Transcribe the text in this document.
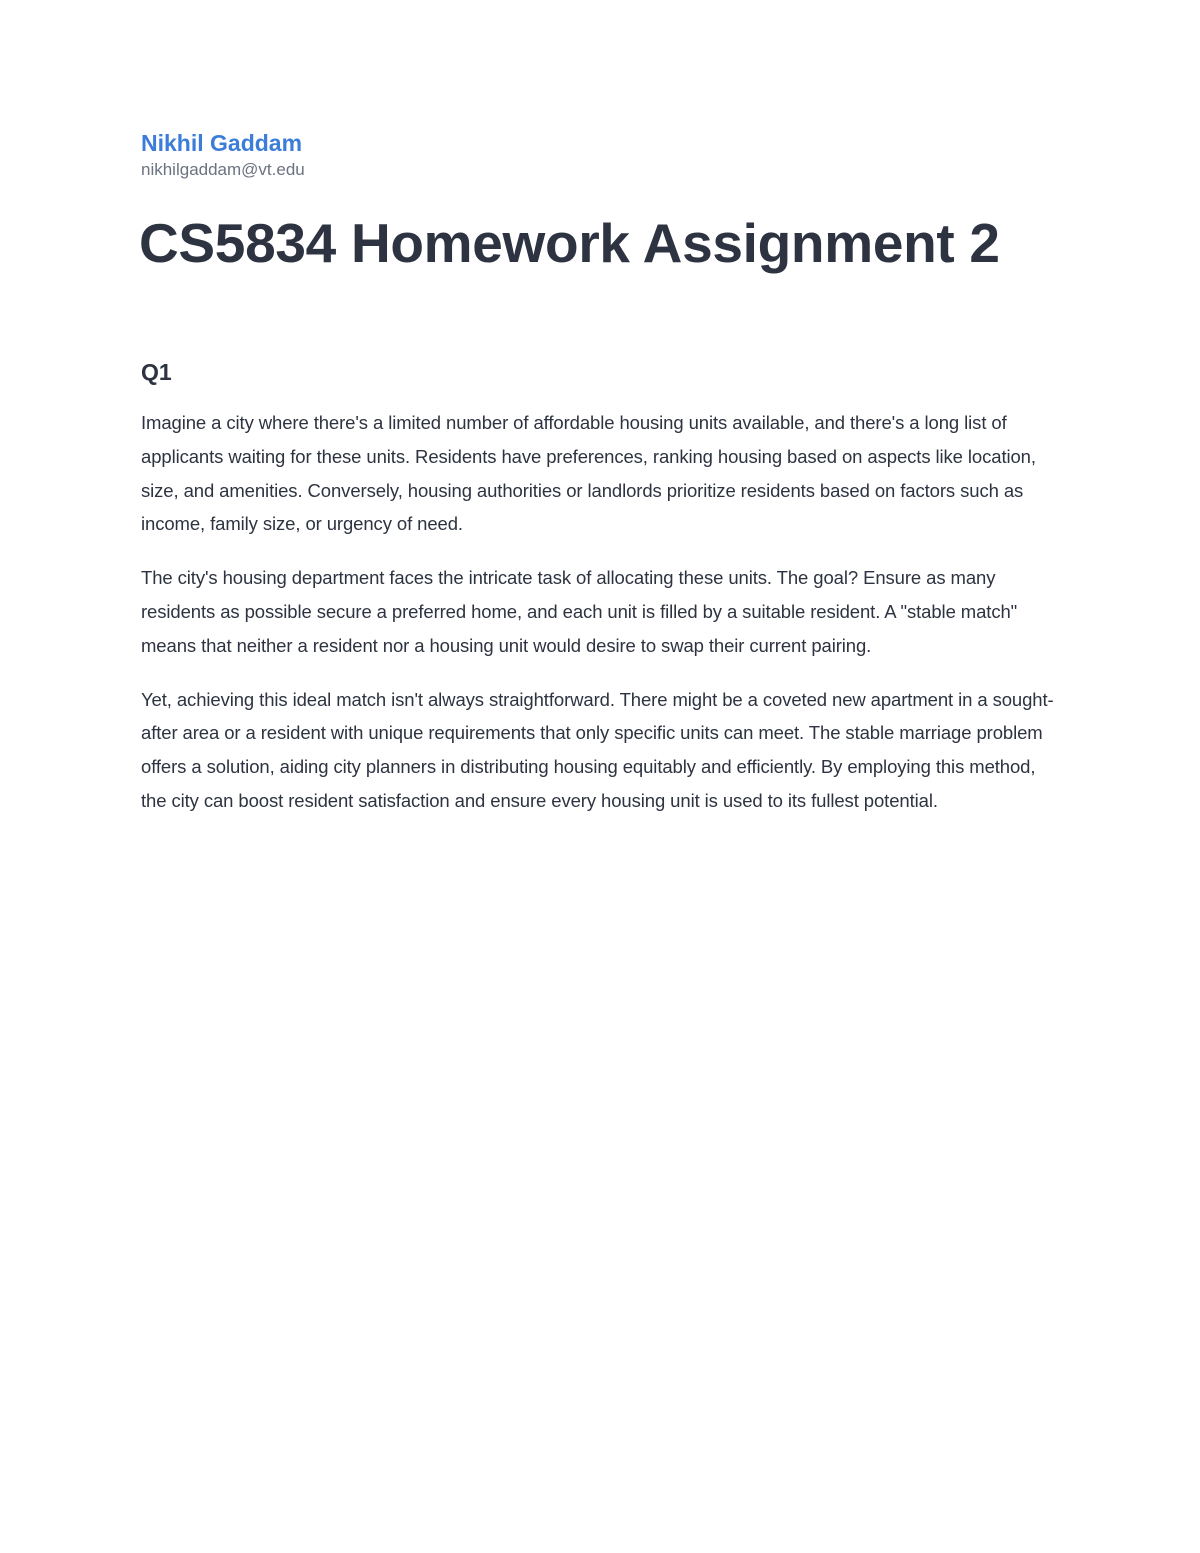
Nikhil Gaddam

nikhilgaddam@vt.edu

CS5834 Homework Assignment 2
Q1

Imagine a city where there's a limited number of affordable housing units available, and there's a long list of applicants waiting for these units. Residents have preferences, ranking housing based on aspects like location, size, and amenities. Conversely, housing authorities or landlords prioritize residents based on factors such as income, family size, or urgency of need.

The city's housing department faces the intricate task of allocating these units. The goal? Ensure as many residents as possible secure a preferred home, and each unit is filled by a suitable resident. A "stable match" means that neither a resident nor a housing unit would desire to swap their current pairing.

Yet, achieving this ideal match isn't always straightforward. There might be a coveted new apartment in a sought-after area or a resident with unique requirements that only specific units can meet. The stable marriage problem offers a solution, aiding city planners in distributing housing equitably and efficiently. By employing this method, the city can boost resident satisfaction and ensure every housing unit is used to its fullest potential.
